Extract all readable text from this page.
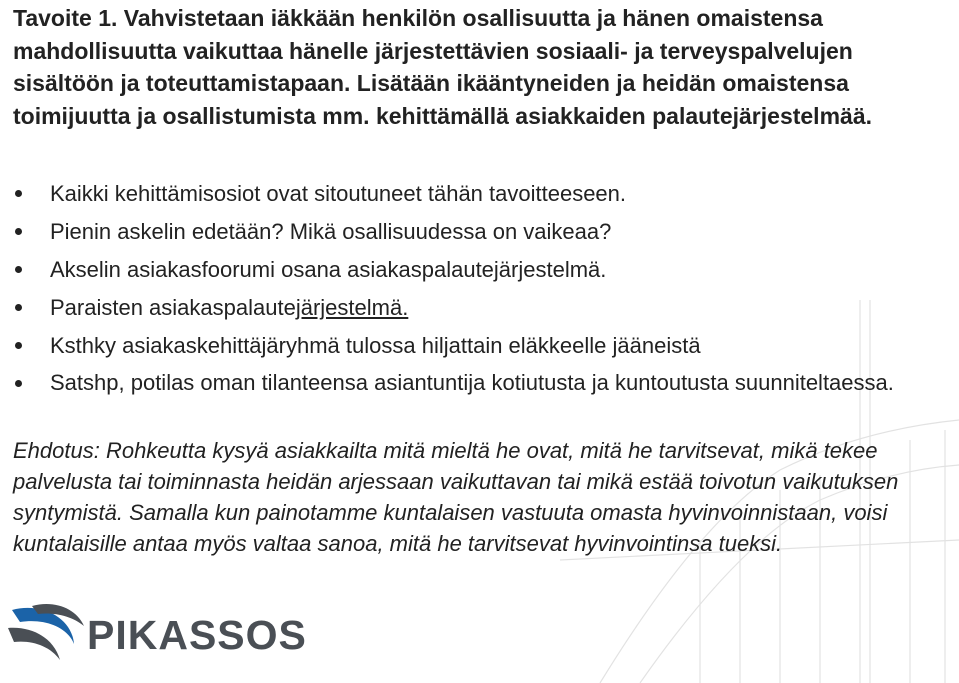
Tavoite 1. Vahvistetaan iäkkään henkilön osallisuutta ja hänen omaistensa mahdollisuutta vaikuttaa hänelle järjestettävien sosiaali- ja terveyspalvelujen sisältöön ja toteuttamistapaan. Lisätään ikääntyneiden ja heidän omaistensa toimijuutta ja osallistumista mm. kehittämällä asiakkaiden palautejärjestelmää.
Kaikki kehittämisosiot ovat sitoutuneet tähän tavoitteeseen.
Pienin askelin edetään? Mikä osallisuudessa on vaikeaa?
Akselin asiakasfoorumi osana asiakaspalautejärjestelmä.
Paraisten asiakaspalautejärjestelmä.
Ksthky asiakaskehittäjäryhmä tulossa hiljattain eläkkeelle jääneistä
Satshp, potilas oman tilanteensa asiantuntija kotiutusta ja kuntoutusta suunniteltaessa.
Ehdotus: Rohkeutta kysyä asiakkailta mitä mieltä he ovat, mitä he tarvitsevat, mikä tekee palvelusta tai toiminnasta heidän arjessaan vaikuttavan tai mikä estää toivotun vaikutuksen syntymistä. Samalla kun painotamme kuntalaisen vastuuta omasta hyvinvoinnistaan, voisi kuntalaisille antaa myös valtaa sanoa, mitä he tarvitsevat hyvinvointinsa tueksi.
PIKASSOS
